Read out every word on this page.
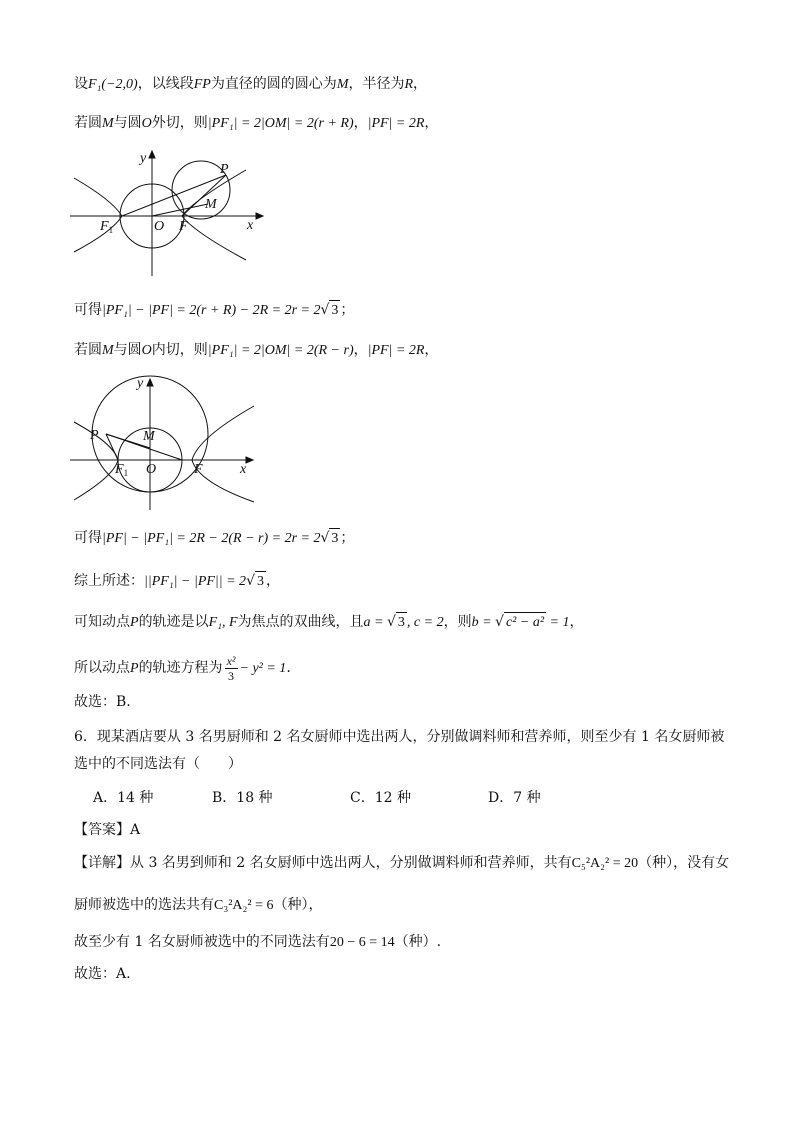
设F₁(−2,0)，以线段FP为直径的圆的圆心为M，半径为R，
若圆M与圆O外切，则|PF₁| = 2|OM| = 2(r + R)，|PF| = 2R，
y
x
P
M
$F_1$	O F
可得|PF₁| − |PF| = 2(r + R) − 2R = 2r = 2√ 3 ；
若圆M与圆O内切，则|PF₁| = 2|OM| = 2(R − r)，|PF| = 2R，
y
x
P	M
$F_1$ O	F
可得|PF| − |PF₁| = 2R − 2(R − r) = 2r = 2√ 3 ；
综上所述：||PF₁| − |PF|| = 2√ 3 ，
可知动点P的轨迹是以F₁, F为焦点的双曲线，且a = √ 3 , c = 2，则b = √ c² − a² = 1，
所以动点P的轨迹方程为 $\frac{\text{x²}}{3} - y^2 = 1$.
故选：B.
6．现某酒店要从 3 名男厨师和 2 名女厨师中选出两人，分别做调料师和营养师，则至少有 1 名女厨师被
选中的不同选法有（　　）
A．14 种	B．18 种	C．12 种	D．7 种
【答案】A
【详解】从 3 名男到师和 2 名女厨师中选出两人，分别做调料师和营养师，共有C₅²A₂² = 20（种），没有女
厨师被选中的选法共有C₃²A₂² = 6（种），
故至少有 1 名女厨师被选中的不同选法有20 − 6 = 14（种）.
故选：A.
